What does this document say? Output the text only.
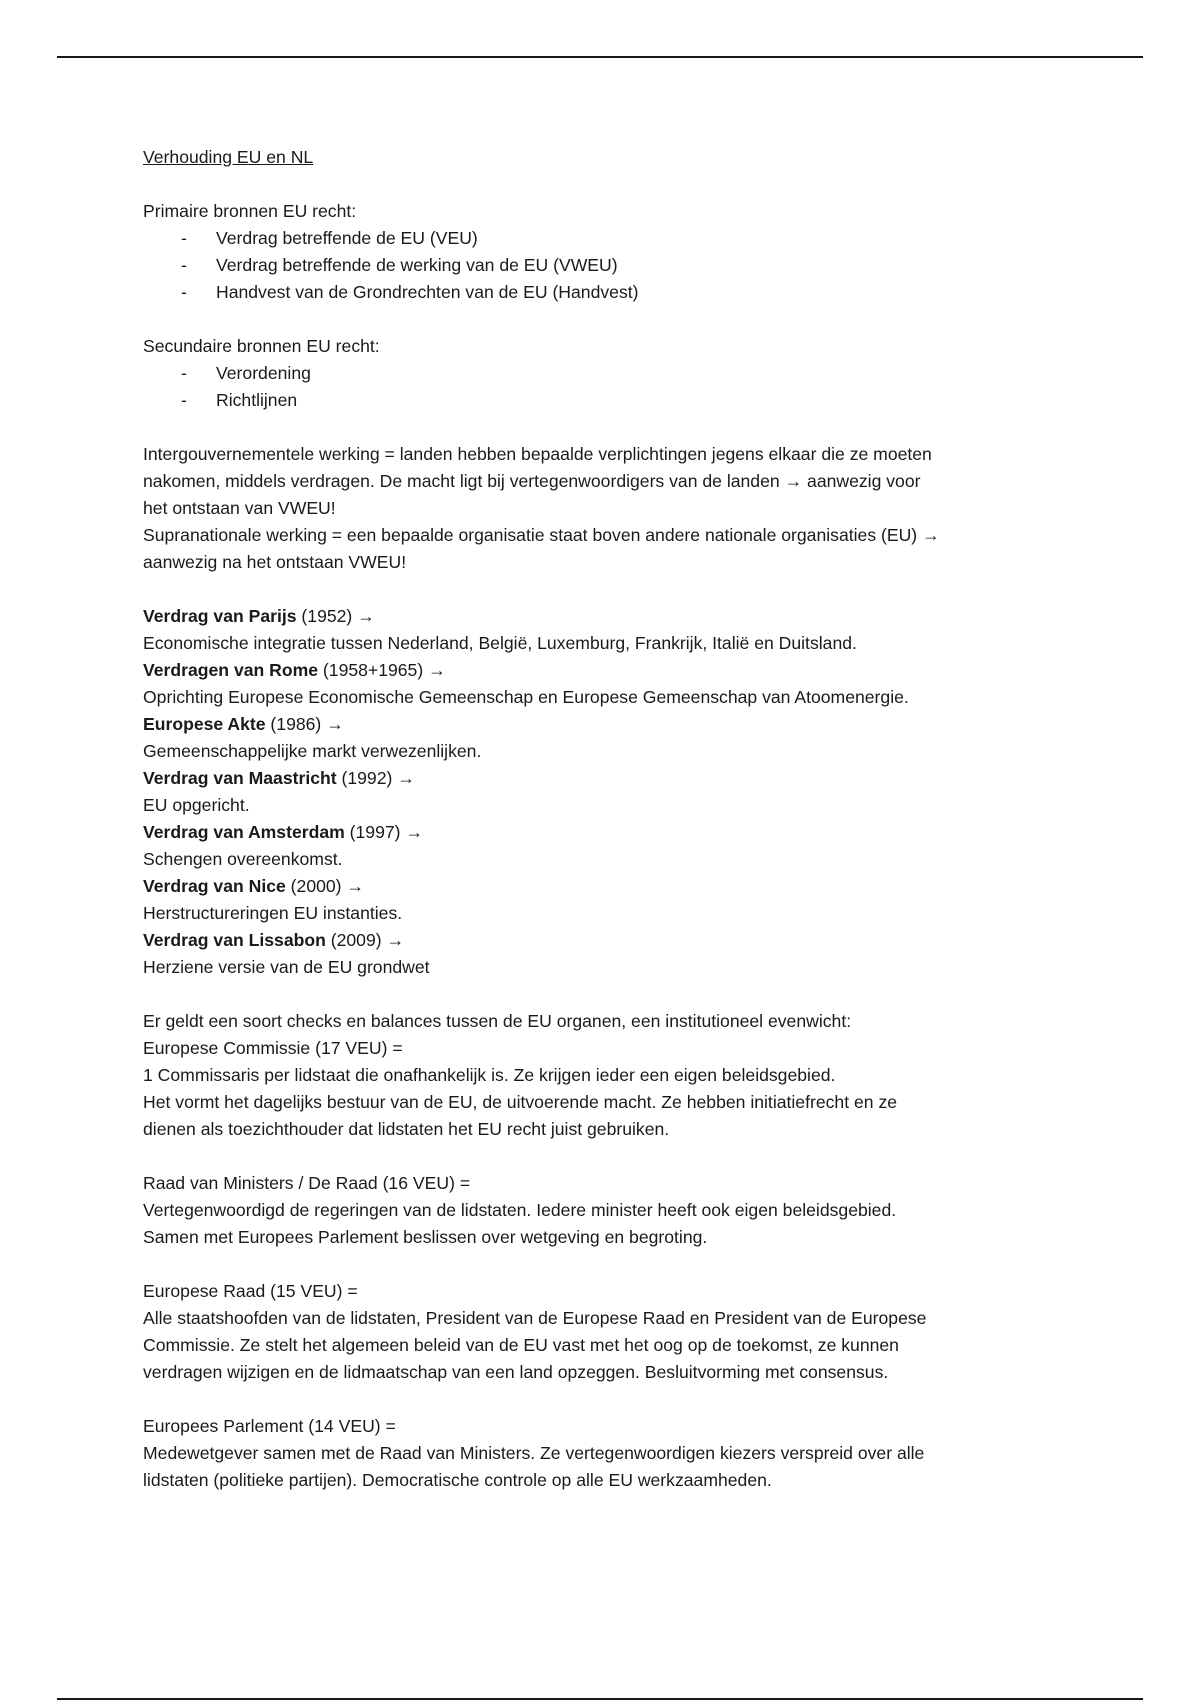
Verhouding EU en NL

Primaire bronnen EU recht:

- Verdrag betreffende de EU (VEU)
- Verdrag betreffende de werking van de EU (VWEU)
- Handvest van de Grondrechten van de EU (Handvest)

Secundaire bronnen EU recht:

- Verordening
- Richtlijnen

Intergouvernementele werking = landen hebben bepaalde verplichtingen jegens elkaar die ze moeten

nakomen, middels verdragen. De macht ligt bij vertegenwoordigers van de landen → aanwezig voor

het ontstaan van VWEU!

Supranationale werking = een bepaalde organisatie staat boven andere nationale organisaties (EU) →

aanwezig na het ontstaan VWEU!

Verdrag van Parijs (1952) →

Economische integratie tussen Nederland, België, Luxemburg, Frankrijk, Italië en Duitsland.

Verdragen van Rome (1958+1965) →

Oprichting Europese Economische Gemeenschap en Europese Gemeenschap van Atoomenergie.

Europese Akte (1986) →

Gemeenschappelijke markt verwezenlijken.

Verdrag van Maastricht (1992) →

EU opgericht.

Verdrag van Amsterdam (1997) →

Schengen overeenkomst.

Verdrag van Nice (2000) →

Herstructureringen EU instanties.

Verdrag van Lissabon (2009) →

Herziene versie van de EU grondwet

Er geldt een soort checks en balances tussen de EU organen, een institutioneel evenwicht:

Europese Commissie (17 VEU) =

1 Commissaris per lidstaat die onafhankelijk is. Ze krijgen ieder een eigen beleidsgebied.

Het vormt het dagelijks bestuur van de EU, de uitvoerende macht. Ze hebben initiatiefrecht en ze

dienen als toezichthouder dat lidstaten het EU recht juist gebruiken.

Raad van Ministers / De Raad (16 VEU) =

Vertegenwoordigd de regeringen van de lidstaten. Iedere minister heeft ook eigen beleidsgebied.

Samen met Europees Parlement beslissen over wetgeving en begroting.

Europese Raad (15 VEU) =

Alle staatshoofden van de lidstaten, President van de Europese Raad en President van de Europese

Commissie. Ze stelt het algemeen beleid van de EU vast met het oog op de toekomst, ze kunnen

verdragen wijzigen en de lidmaatschap van een land opzeggen. Besluitvorming met consensus.

Europees Parlement (14 VEU) =

Medewetgever samen met de Raad van Ministers. Ze vertegenwoordigen kiezers verspreid over alle

lidstaten (politieke partijen). Democratische controle op alle EU werkzaamheden.
